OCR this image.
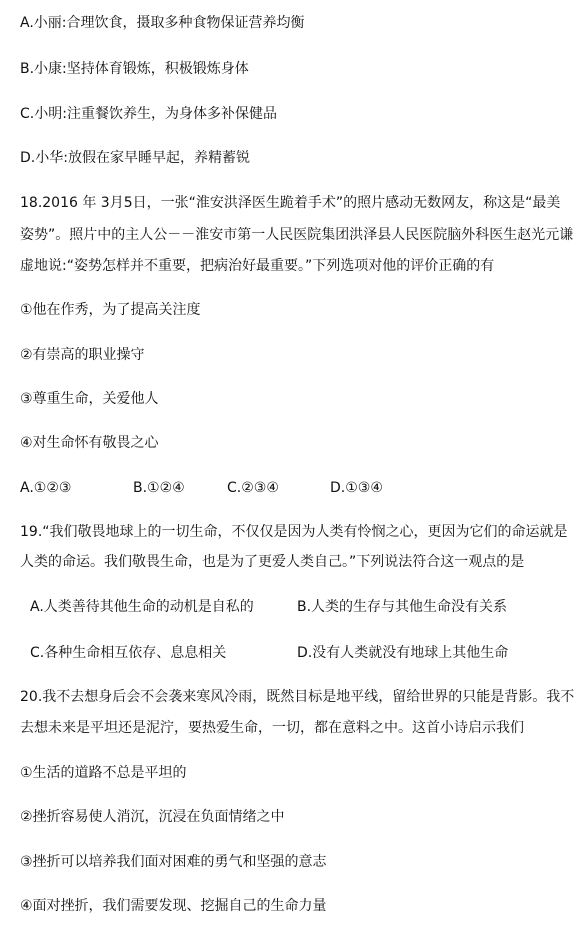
A.小丽:合理饮食，摄取多种食物保证营养均衡
B.小康:坚持体育锻炼，积极锻炼身体
C.小明:注重餐饮养生，为身体多补保健品
D.小华:放假在家早睡早起，养精蓄锐
18.2016 年 3月5日，一张“淮安洪泽医生跪着手术”的照片感动无数网友，称这是“最美
姿势”。照片中的主人公－－淮安市第一人民医院集团洪泽县人民医院脑外科医生赵光元谦
虚地说:“姿势怎样并不重要，把病治好最重要。”下列选项对他的评价正确的有
①他在作秀，为了提高关注度
②有崇高的职业操守
③尊重生命，关爱他人
④对生命怀有敬畏之心
A.①②③	B.①②④	C.②③④	D.①③④
19.“我们敬畏地球上的一切生命，不仅仅是因为人类有怜悯之心，更因为它们的命运就是
人类的命运。我们敬畏生命，也是为了更爱人类自己。”下列说法符合这一观点的是
A.人类善待其他生命的动机是自私的	B.人类的生存与其他生命没有关系
C.各种生命相互依存、息息相关	D.没有人类就没有地球上其他生命
20.我不去想身后会不会袭来寒风冷雨，既然目标是地平线，留给世界的只能是背影。我不
去想未来是平坦还是泥泞，要热爱生命，一切，都在意料之中。这首小诗启示我们
①生活的道路不总是平坦的
②挫折容易使人消沉，沉浸在负面情绪之中
③挫折可以培养我们面对困难的勇气和坚强的意志
④面对挫折，我们需要发现、挖掘自己的生命力量
